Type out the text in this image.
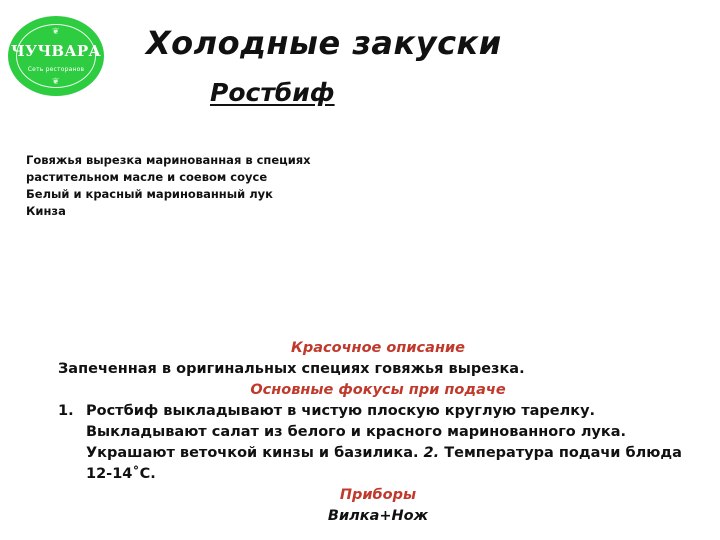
❦
ЧУЧВАРА
Сеть ресторанов
❦
Холодные закуски
Ростбиф
Говяжья вырезка маринованная в специях
растительном масле и соевом соусе
Белый и красный маринованный лук
Кинза
Красочное описание
Запеченная в оригинальных специях говяжья вырезка.
Основные фокусы при подаче
1. Ростбиф выкладывают в чистую плоскую круглую тарелку. Выкладывают салат из белого и красного маринованного лука. Украшают веточкой кинзы и базилика. 2. Температура подачи блюда 12-14˚С.
Приборы
Вилка+Нож
